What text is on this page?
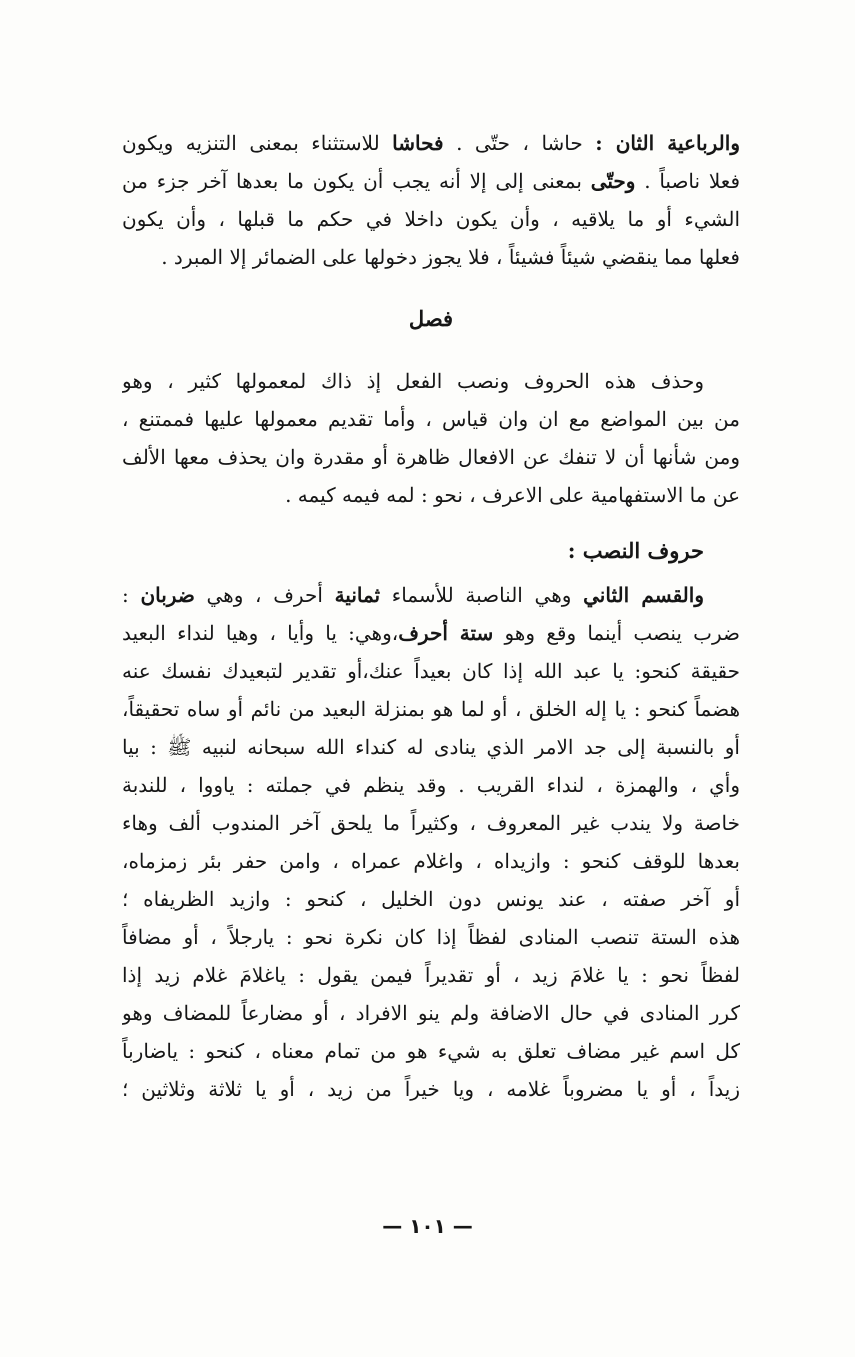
والرباعية الثان : حاشا ، حتّى . فحاشا للاستثناء بمعنى التنزيه ويكون
فعلا ناصباً . وحتّى بمعنى إلى إلا أنه يجب أن يكون ما بعدها آخر جزء من
الشيء أو ما يلاقيه ، وأن يكون داخلا في حكم ما قبلها ، وأن يكون
فعلها مما ينقضي شيئاً فشيئاً ، فلا يجوز دخولها على الضمائر إلا المبرد .
فصل
وحذف هذه الحروف ونصب الفعل إذ ذاك لمعمولها كثير ، وهو
من بين المواضع مع ان وان قياس ، وأما تقديم معمولها عليها فممتنع ،
ومن شأنها أن لا تنفك عن الافعال ظاهرة أو مقدرة وان يحذف معها الألف
عن ما الاستفهامية على الاعرف ، نحو : لمه فيمه كيمه .
حروف النصب :
والقسم الثاني وهي الناصبة للأسماء ثمانية أحرف ، وهي ضربان :
ضرب ينصب أينما وقع وهو ستة أحرف،وهي: يا وأيا ، وهيا لنداء البعيد
حقيقة كنحو: يا عبد الله إذا كان بعيداً عنك،أو تقدير لتبعيدك نفسك عنه
هضماً كنحو : يا إله الخلق ، أو لما هو بمنزلة البعيد من نائم أو ساه تحقيقاً،
أو بالنسبة إلى جد الامر الذي ينادى له كنداء الله سبحانه لنبيه ﷺ : بيا
وأي ، والهمزة ، لنداء القريب . وقد ينظم في جملته : ياووا ، للندبة
خاصة ولا يندب غير المعروف ، وكثيراً ما يلحق آخر المندوب ألف وهاء
بعدها للوقف كنحو : وازيداه ، واغلام عمراه ، وامن حفر بئر زمزماه،
أو آخر صفته ، عند يونس دون الخليل ، كنحو : وازيد الظريفاه ؛
هذه الستة تنصب المنادى لفظاً إذا كان نكرة نحو : يارجلاً ، أو مضافاً
لفظاً نحو : يا غلامَ زيد ، أو تقديراً فيمن يقول : ياغلامَ غلام زيد إذا
كرر المنادى في حال الاضافة ولم ينو الافراد ، أو مضارعاً للمضاف وهو
كل اسم غير مضاف تعلق به شيء هو من تمام معناه ، كنحو : ياضارباً
زيداً ، أو يا مضروباً غلامه ، ويا خيراً من زيد ، أو يا ثلاثة وثلاثين ؛
— ١٠١ —
